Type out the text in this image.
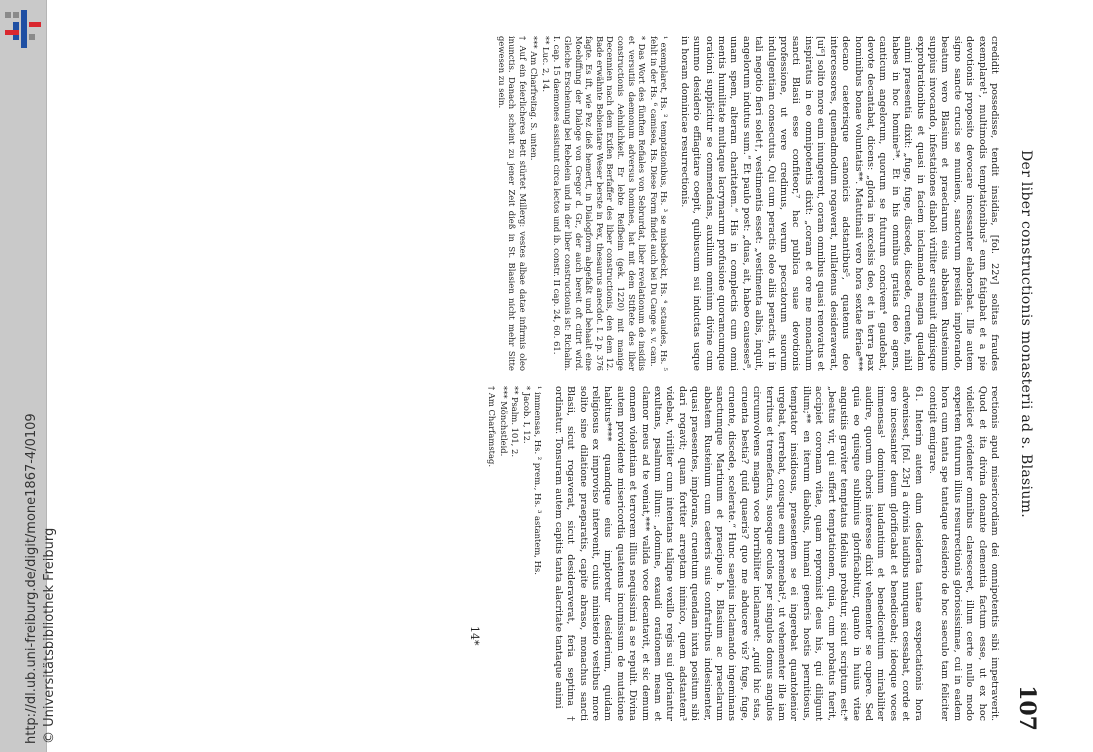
http://dl.ub.uni-freiburg.de/digit/mone1867-4/0109 © Universitätsbibliothek Freiburg
Der liber constructionis monasterii ad s. Blasium.
107

credidit possedisse, tendit insidias, [fol. 22v] solitas fraudes exemplaret¹, multimodis temptationibus² eum fatigabat et a pie devotionis proposito devocare incessanter elaborabat. Ille autem signo sancte crucis se muniens, sanctorum presidia implorando, beatum vero Blasium et praeclarum eius abbatem Rusteinum suppius invocando, infestationes diaboli viriliter sustinuit dignisque exprobrationibus et quasi in faciem inclamando magna quadam animi praesentia dixit: „fuge, fuge, discede, discede, cruente, nihil habes in hoc homine³*. Et in his omnibus gratias deo agens, canticum angelorum, quorum se futurum concivem⁴ gaudebat, devote decantabat, dicens: „gloria in excelsis deo, et in terra pax hominibus bonae voluntatis**. Matutinali vero hora sextae feriae*** decano caeterisque canonicis adstantibus⁵, quatenus deo intercessores, quemadmodum rogaverat, nullatenus desideraverat, [ui⁶] solito more eum inungerent, coram omnibus quasi renovatus et inspiratus in eo omnipotentis dixit: „coram et ore me monachum sancti Blasii esse confiteor,⁷ hac publica suae devotionis professione, ut vere credimus, verum peccatorum suorum indulgentiam consecutus. Qui cum peractis oleo aliis peractis, ut in tali negotio fieri solet†, vestimentis esset: „vestimenta albis, inquit, angelorum indutus sum.“ Et paulo post: „duas, ait, habeo causeses⁸, unam spem, alteram charitatem.“ His in complectis cum omni mentis humilitate multaque lacrymarum profusione quoramcumque orationi supplicitur se commendans, auxilium omnium divine cum summo desiderio effiagitare coepit, quibuscum sui inductas usque in horam dominicae resurrectionis.

¹ exemplaret, Hs. ² temptationibus, Hs. ³ se misbedeckt, Hs. ⁴ sctaudes, Hs. ⁵ fehlt in der Hs. ⁶ camisea, Hs. Diese Form findet auch bei Du Cange s. v. cam.

* Das Wort des fünften Refiales von Sebrurdat, liber revelationum de insidiis et versutiis daemonum adversus homines, hat mit dem Stiftete des liber constructionis Aehnlichkeit. Er lebte Reifbeim (gek. 1220) mit manige Decennien nach dem Exifen Berfaffer des liber constructionis, den dem 12. Bade erwähnte Bebientare Weser berste in Pex, thesaurus anecdot. I. 2 p. 376 fagte. Es ift, wie Pez dieß hemertt, in Dialogform abgefaßt und behaalt eine Moebiffung der Dialoge von Gregor d. Gr., der auch bereit oft citirt wird. Gleiche Erscheinung bei Rebelein und in der liber constructionis ist: Richalm. I. cap. 15 daemones assistunt circa lectos und ib. constr. II cap. 24, 60. 61.

** Luc. 2, 14.

*** Am Charfreitag. S. unten.

† Auf ein feierlicheres Bett stürtet Millerg: vestes albae datae infirmis oleo inunctis. Danach scheint zu jener Zeit dieß in St. Blasien nicht mehr Sitte gewesen zu sein.

rectionis apud misericordiam dei omnipotentis sibi impetraverit. Quod et ita divina donante clementia factum esse, ut ex hoc videlicet evidenter omnibus claresceret, illum certe nullo modo expertem futurum illius resurrectionis gloriosissimae, cui in eadem hora cum tanta spe tantaque desiderio de hoc saeculo tam feliciter contigit emigrare.

61. Interim autem dum desiderata tantae exspectationis hora advenisset, [fol. 23r] a divinis laudibus nunquam cessabat, corde et ore incessanter deum glorificabat et benedicebat; ideoque voces immensas¹ dominum laudantium et benedicentium mirabiliter audire, quorum choris interesse dixit vehementer se cupere. Sed quia eo quisque sublimius glorificabitur, quanto in huius vitae angustiis graviter temptatus fidelius probatur, sicut scriptum est:* „beatus vir, qui suffert temptationem, quia, cum probatus fuerit, accipiet coronam vitae, quam repromisit deus his, qui diligunt illum;** en iterum diabolus, humani generis hostis pernitiosus, temptator insidiosus, praesentem se ei ingerebat quantolenior urgebat, terrebat, cousque eum premebat², ut vehementer ille iam territus et tremefactus, suosque oculos per singulos domus angulos circumvolvens magna voce horribiliter inclamaret: „quid hic stas, cruenta bestia? quid quaeris? quo me abducere vis? fuge, fuge, cruente, discede, scelerate.“ Hunc saepius inclamando ingeminans sanctumque Martinum et praecipue b. Blasium ac praeclarum abbatem Rusteinum cum caeteris suis confratribus indesinenter, quasi praesentes, implorans, cruentum quendam iuxta positum sibi dari rogavit; quam fortiter arreptam inimico, quem adstantem³ videbat, viriliter cum intentans taliqne vexillo regis sui gloriantur exultans, psalmum illum: „domine, exaudi orationem meam et clamor meus ad te veniat,*** valida voce decantavit, et sic demum omnem violentiam et terrorem illius nequissimi a se repulit. Divina autem providente misericordia quatenus incumissum de mutatione habitus**** quamdque eius imploretur desiderium, quidam religiosus ex improviso intervenit, cuius ministerio vestibus more solito sine dilatione praeparatis, capite abraso, monachus sancti Blasii, sicut rogaverat, sicut desideraverat, feria septima † ordinatur. Tonsuram autem capitis tanta alacritate tantaque animi

¹ immensas, Hs. ² prem., Hs. ³ astantem, Hs.

* Jacob. I, 12.

** Psalm. 101, 2.

*** Mönchstleid.

† Am Charfamstag.

14*
